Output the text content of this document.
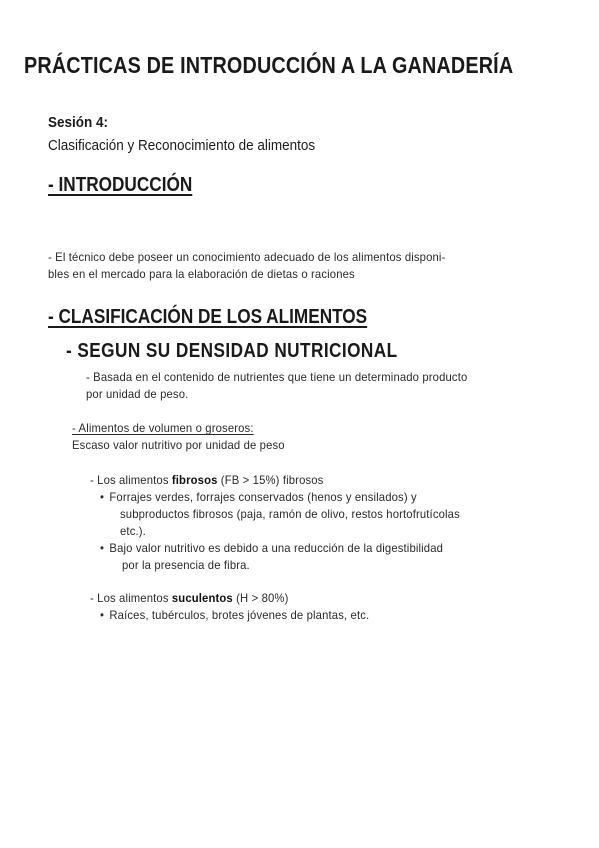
PRÁCTICAS DE INTRODUCCIÓN A LA GANADERÍA
Sesión 4:
Clasificación y Reconocimiento de alimentos
- INTRODUCCIÓN
- El técnico debe poseer un conocimiento adecuado de los alimentos disponi-
bles en el mercado para la elaboración de dietas o raciones
- CLASIFICACIÓN DE LOS ALIMENTOS
- SEGUN SU DENSIDAD NUTRICIONAL
- Basada en el contenido de nutrientes que tiene un determinado producto
por unidad de peso.
- Alimentos de volumen o groseros:
Escaso valor nutritivo por unidad de peso
- Los alimentos fibrosos (FB > 15%) fibrosos
• Forrajes verdes, forrajes conservados (henos y ensilados) y
subproductos fibrosos (paja, ramón de olivo, restos hortofrutícolas
etc.).
• Bajo valor nutritivo es debido a una reducción de la digestibilidad
por la presencia de fibra.
- Los alimentos suculentos (H > 80%)
• Raíces, tubérculos, brotes jóvenes de plantas, etc.
